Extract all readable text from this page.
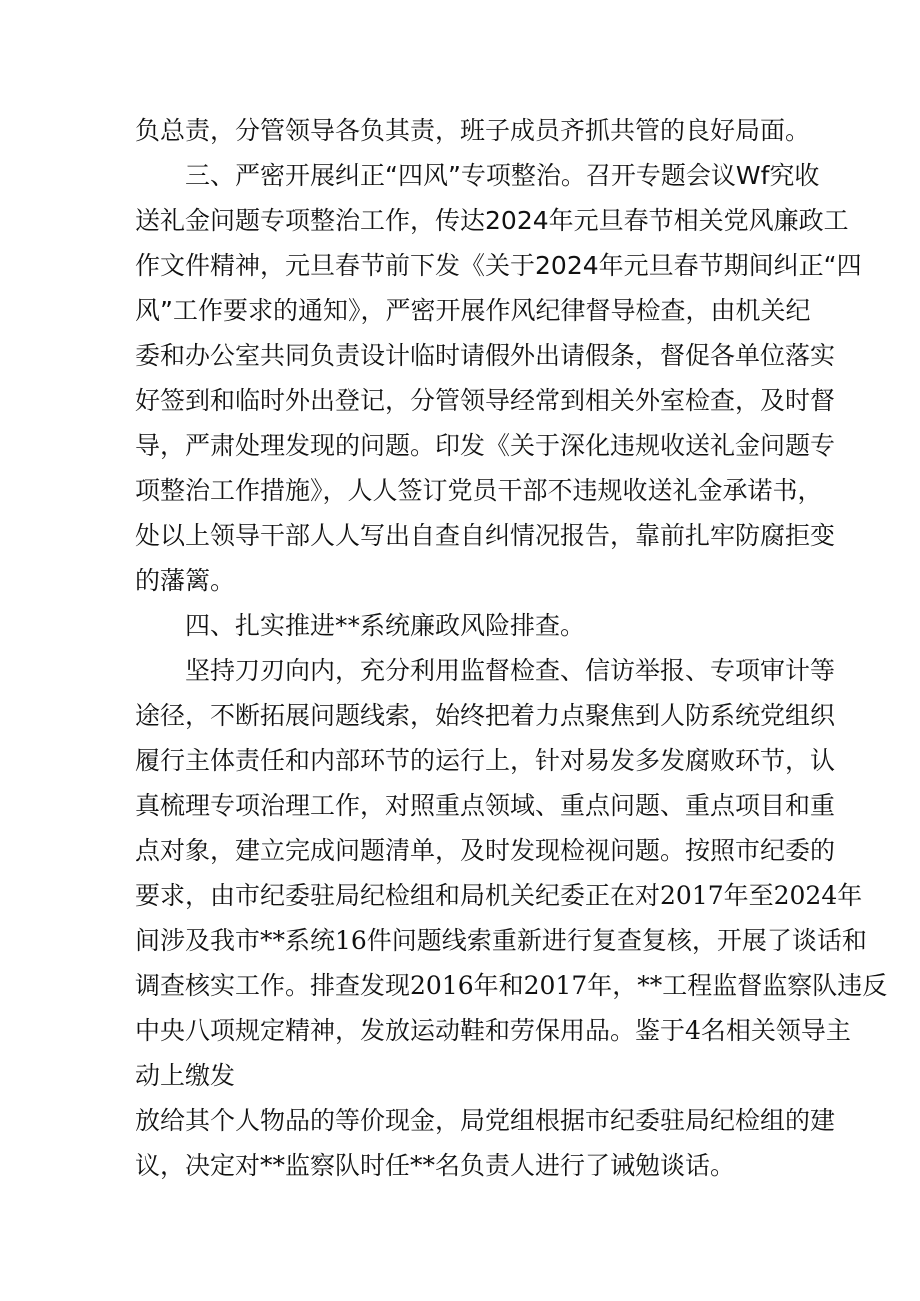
负总责，分管领导各负其责，班子成员齐抓共管的良好局面。
三、严密开展纠正“四风”专项整治。召开专题会议Wf究收
送礼金问题专项整治工作，传达2024年元旦春节相关党风廉政工
作文件精神，元旦春节前下发《关于2024年元旦春节期间纠正“四
风”工作要求的通知》，严密开展作风纪律督导检查，由机关纪
委和办公室共同负责设计临时请假外出请假条，督促各单位落实
好签到和临时外出登记，分管领导经常到相关外室检查，及时督
导，严肃处理发现的问题。印发《关于深化违规收送礼金问题专
项整治工作措施》，人人签订党员干部不违规收送礼金承诺书，
处以上领导干部人人写出自查自纠情况报告，靠前扎牢防腐拒变
的藩篱。
四、扎实推进**系统廉政风险排查。
坚持刀刃向内，充分利用监督检查、信访举报、专项审计等
途径，不断拓展问题线索，始终把着力点聚焦到人防系统党组织
履行主体责任和内部环节的运行上，针对易发多发腐败环节，认
真梳理专项治理工作，对照重点领域、重点问题、重点项目和重
点对象，建立完成问题清单，及时发现检视问题。按照市纪委的
要求，由市纪委驻局纪检组和局机关纪委正在对2017年至2024年
间涉及我市**系统16件问题线索重新进行复查复核，开展了谈话和
调查核实工作。排查发现2016年和2017年，**工程监督监察队违反
中央八项规定精神，发放运动鞋和劳保用品。鉴于4名相关领导主
动上缴发
放给其个人物品的等价现金，局党组根据市纪委驻局纪检组的建
议，决定对**监察队时任**名负责人进行了诫勉谈话。
